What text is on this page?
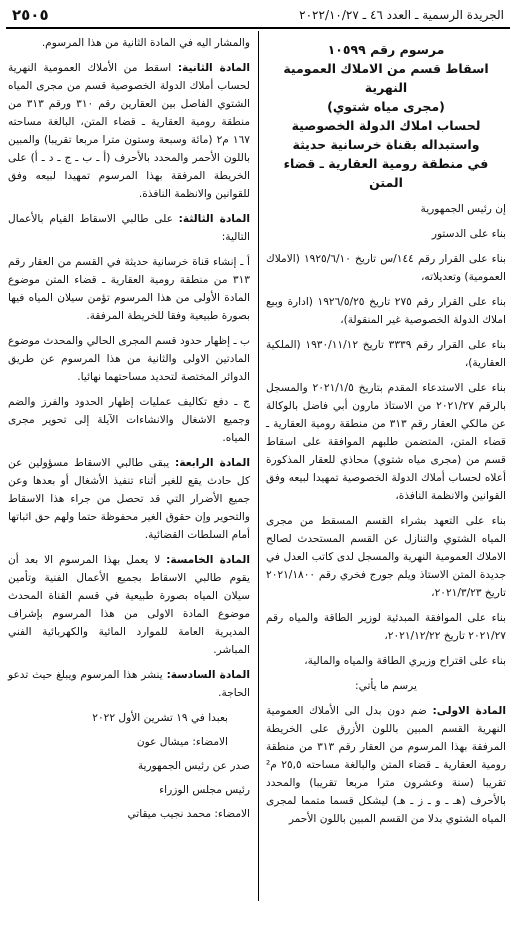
٢٥٠٥	الجريدة الرسمية ـ العدد ٤٦ ـ ٢٠٢٢/١٠/٢٧
مرسوم رقم ١٠٥٩٩
اسقاط قسم من الاملاك العمومية النهرية
(مجرى مياه شتوي)
لحساب املاك الدولة الخصوصية
واستبداله بقناة خرسانية حديثة
في منطقة رومية العقارية ـ قضاء المتن

إن رئيس الجمهورية

بناء على الدستور

بناء على القرار رقم ١٤٤/س تاريخ ١٩٢٥/٦/١٠ (الاملاك العمومية) وتعديلاته،

بناء على القرار رقم ٢٧٥ تاريخ ١٩٢٦/٥/٢٥ (ادارة وبيع املاك الدولة الخصوصية غير المنقولة)،

بناء على القرار رقم ٣٣٣٩ تاريخ ١٩٣٠/١١/١٢ (الملكية العقارية)،

بناء على الاستدعاء المقدم بتاريخ ٢٠٢١/١/٥ والمسجل بالرقم ٢٠٢١/٢٧ من الاستاذ مارون أبي فاضل بالوكالة عن مالكي العقار رقم ٣١٣ من منطقة رومية العقارية ـ قضاء المتن، المتضمن طلبهم الموافقة على اسقاط قسم من (مجرى مياه شتوي) محاذي للعقار المذكورة أعلاه لحساب أملاك الدولة الخصوصية تمهيدا لبيعه وفق القوانين والانظمة النافذة،

بناء على التعهد بشراء القسم المسقط من مجرى المياه الشتوي والتنازل عن القسم المستحدث لصالح الاملاك العمومية النهرية والمسجل لدى كاتب العدل في جديدة المتن الاستاذ ويلم جورج فخري رقم ٢٠٢١/١٨٠٠ تاريخ ٢٠٢١/٣/٢٣،

بناء على الموافقة المبدئية لوزير الطاقة والمياه رقم ٢٠٢١/٢٧ تاريخ ٢٠٢١/١٢/٢٢،

بناء على اقتراح وزيري الطاقة والمياه والمالية،

يرسم ما يأتي:

المادة الاولى: ضم دون بدل الى الأملاك العمومية النهرية القسم المبين باللون الأزرق على الخريطة المرفقة بهذا المرسوم من العقار رقم ٣١٣ من منطقة رومية العقارية ـ قضاء المتن والبالغة مساحته ٢٥,٥ م² تقريبا (سنة وعشرون مترا مربعا تقريبا) والمحدد بالأحرف (هـ ـ و ـ ز ـ هـ) ليشكل قسما متمما لمجرى المياه الشتوي بدلا من القسم المبين باللون الأحمر

والمشار اليه في المادة الثانية من هذا المرسوم.

المادة الثانية: اسقط من الأملاك العمومية النهرية لحساب أملاك الدولة الخصوصية قسم من مجرى المياه الشتوي الفاصل بين العقارين رقم ٣١٠ ورقم ٣١٣ من منطقة رومية العقارية ـ قضاء المتن، البالغة مساحته ١٦٧ م٢ (مائة وسبعة وستون مترا مربعا تقريبا) والمبين باللون الأحمر والمحدد بالأحرف (أ ـ ب ـ ج ـ د ـ أ) على الخريطة المرفقة بهذا المرسوم تمهيدا لبيعه وفق للقوانين والانظمة النافذة.

المادة الثالثة: على طالبي الاسقاط القيام بالأعمال التالية:

أ ـ إنشاء قناة خرسانية حديثة في القسم من العقار رقم ٣١٣ من منطقة رومية العقارية ـ قضاء المتن موضوع المادة الأولى من هذا المرسوم تؤمن سيلان المياه فيها بصورة طبيعية وفقا للخريطة المرفقة.

ب ـ إظهار حدود قسم المجرى الحالي والمحدث موضوع المادتين الاولى والثانية من هذا المرسوم عن طريق الدوائر المختصة لتحديد مساحتهما نهائيا.

ج ـ دفع تكاليف عمليات إظهار الحدود والفرز والضم وجميع الاشغال والانشاءات الآيلة إلى تحوير مجرى المياه.

المادة الرابعة: يبقى طالبي الاسقاط مسؤولين عن كل حادث يقع للغير أثناء تنفيذ الأشغال أو بعدها وعن جميع الأضرار التي قد تحصل من جراء هذا الاسقاط والتحوير وإن حقوق الغير محفوظة حتما ولهم حق اثباتها أمام السلطات القضائية.

المادة الخامسة: لا يعمل بهذا المرسوم الا بعد أن يقوم طالبي الاسقاط بجميع الأعمال الفنية وتأمين سيلان المياه بصورة طبيعية في قسم القناة المحدث موضوع المادة الاولى من هذا المرسوم بإشراف المديرية العامة للموارد المائية والكهربائية الفني المباشر.

المادة السادسة: ينشر هذا المرسوم ويبلغ حيث تدعو الحاجة.

بعبدا في ١٩ تشرين الأول ٢٠٢٢

الامضاء: ميشال عون

صدر عن رئيس الجمهورية

رئيس مجلس الوزراء

الامضاء: محمد نجيب ميقاتي
